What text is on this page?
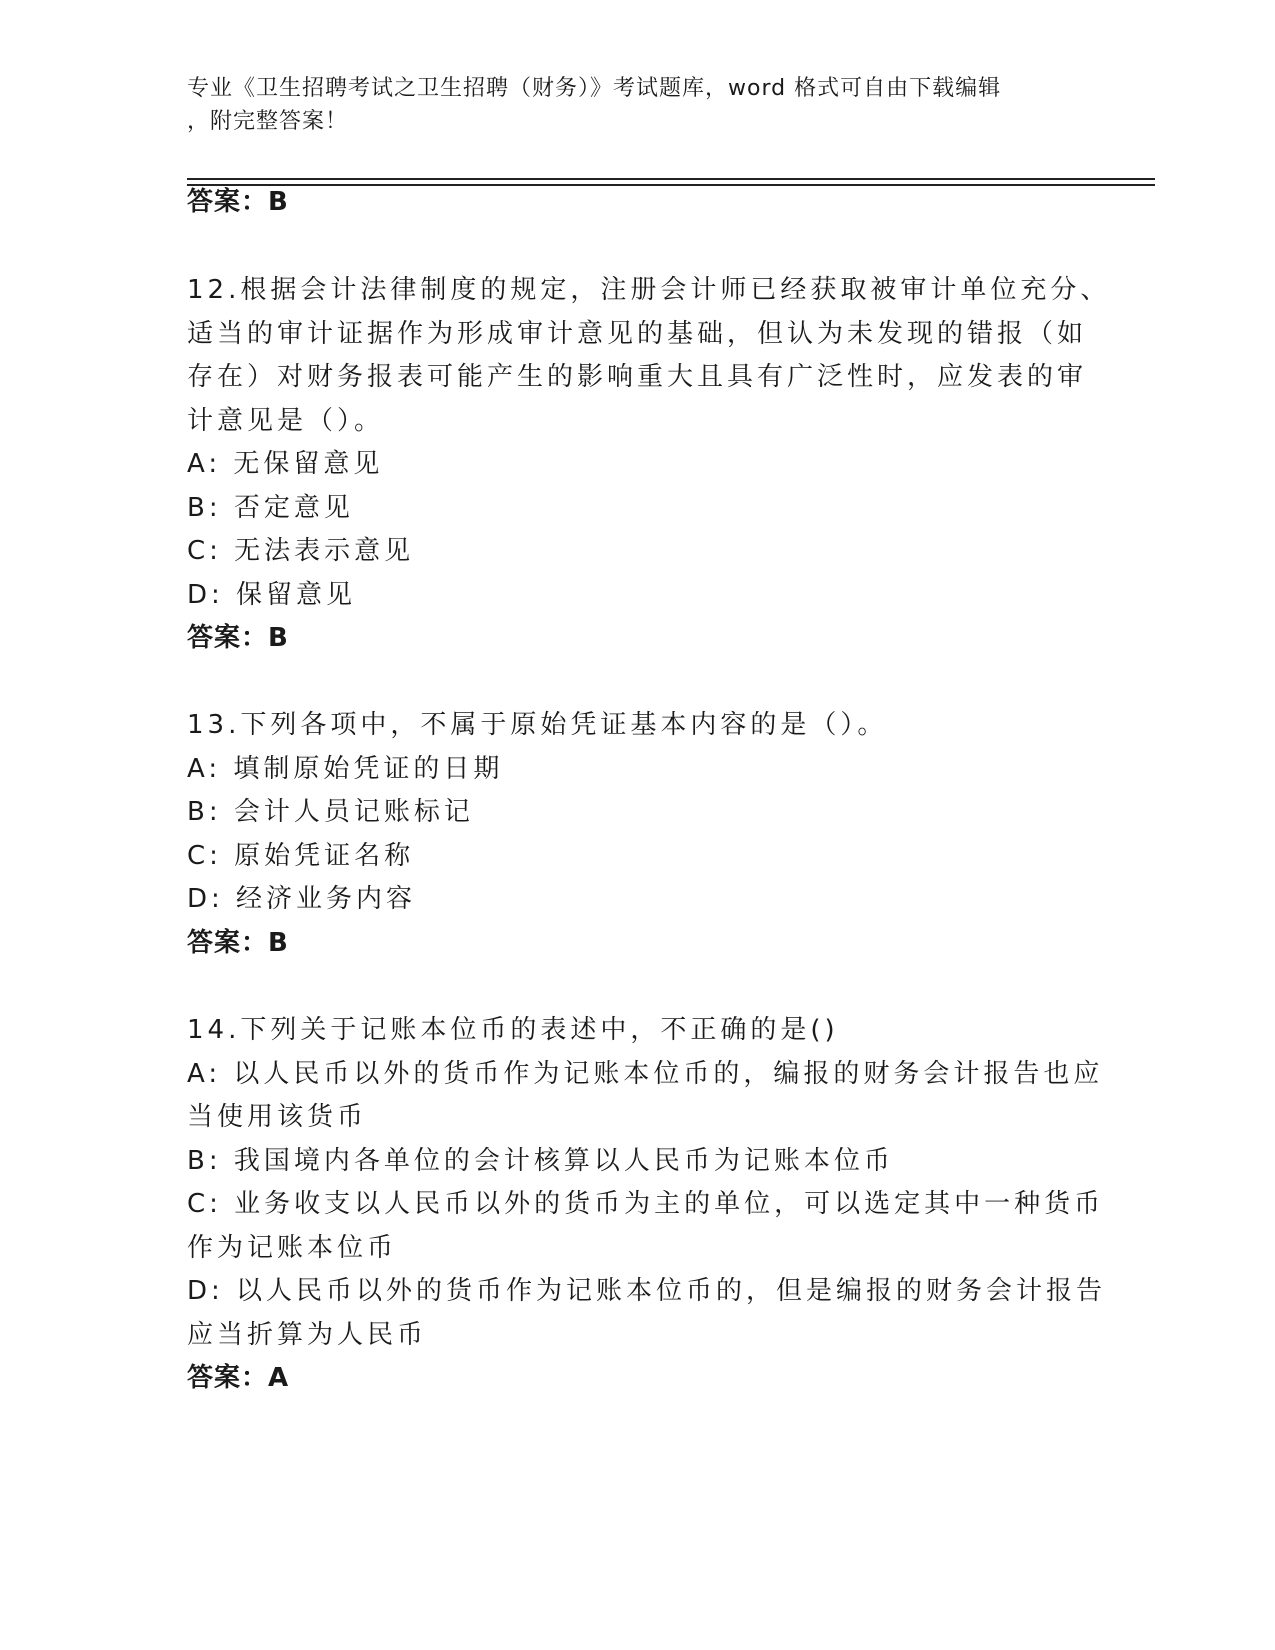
专业《卫生招聘考试之卫生招聘（财务）》考试题库，word 格式可自由下载编辑
，附完整答案！
答案：B
12.根据会计法律制度的规定，注册会计师已经获取被审计单位充分、
适当的审计证据作为形成审计意见的基础，但认为未发现的错报（如
存在）对财务报表可能产生的影响重大且具有广泛性时，应发表的审
计意见是（）。
A: 无保留意见
B: 否定意见
C: 无法表示意见
D: 保留意见
答案：B
13.下列各项中，不属于原始凭证基本内容的是（）。
A: 填制原始凭证的日期
B: 会计人员记账标记
C: 原始凭证名称
D: 经济业务内容
答案：B
14.下列关于记账本位币的表述中，不正确的是()
A: 以人民币以外的货币作为记账本位币的，编报的财务会计报告也应
当使用该货币
B: 我国境内各单位的会计核算以人民币为记账本位币
C: 业务收支以人民币以外的货币为主的单位，可以选定其中一种货币
作为记账本位币
D: 以人民币以外的货币作为记账本位币的，但是编报的财务会计报告
应当折算为人民币
答案：A
